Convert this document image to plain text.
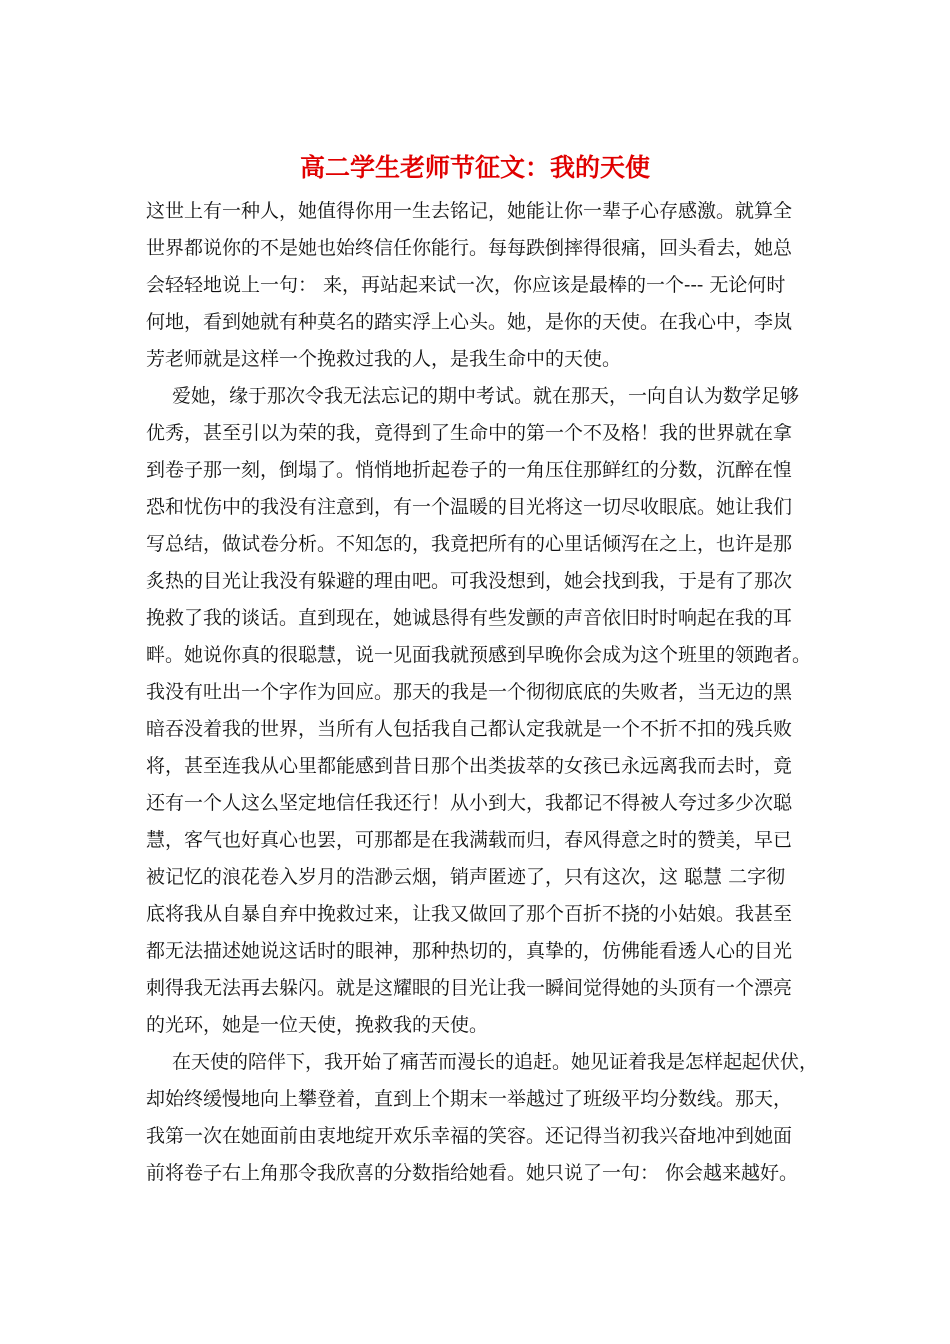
高二学生老师节征文：我的天使
这世上有一种人，她值得你用一生去铭记，她能让你一辈子心存感激。就算全
世界都说你的不是她也始终信任你能行。每每跌倒摔得很痛，回头看去，她总
会轻轻地说上一句： 来，再站起来试一次，你应该是最棒的一个--- 无论何时
何地，看到她就有种莫名的踏实浮上心头。她，是你的天使。在我心中，李岚
芳老师就是这样一个挽救过我的人，是我生命中的天使。
爱她，缘于那次令我无法忘记的期中考试。就在那天，一向自认为数学足够
优秀，甚至引以为荣的我，竟得到了生命中的第一个不及格！我的世界就在拿
到卷子那一刻，倒塌了。悄悄地折起卷子的一角压住那鲜红的分数，沉醉在惶
恐和忧伤中的我没有注意到，有一个温暖的目光将这一切尽收眼底。她让我们
写总结，做试卷分析。不知怎的，我竟把所有的心里话倾泻在之上，也许是那
炙热的目光让我没有躲避的理由吧。可我没想到，她会找到我，于是有了那次
挽救了我的谈话。直到现在，她诚恳得有些发颤的声音依旧时时响起在我的耳
畔。她说你真的很聪慧，说一见面我就预感到早晚你会成为这个班里的领跑者。
我没有吐出一个字作为回应。那天的我是一个彻彻底底的失败者，当无边的黑
暗吞没着我的世界，当所有人包括我自己都认定我就是一个不折不扣的残兵败
将，甚至连我从心里都能感到昔日那个出类拔萃的女孩已永远离我而去时，竟
还有一个人这么坚定地信任我还行！从小到大，我都记不得被人夸过多少次聪
慧，客气也好真心也罢，可那都是在我满载而归，春风得意之时的赞美，早已
被记忆的浪花卷入岁月的浩渺云烟，销声匿迹了，只有这次，这 聪慧 二字彻
底将我从自暴自弃中挽救过来，让我又做回了那个百折不挠的小姑娘。我甚至
都无法描述她说这话时的眼神，那种热切的，真挚的，仿佛能看透人心的目光
刺得我无法再去躲闪。就是这耀眼的目光让我一瞬间觉得她的头顶有一个漂亮
的光环，她是一位天使，挽救我的天使。
在天使的陪伴下，我开始了痛苦而漫长的追赶。她见证着我是怎样起起伏伏，
却始终缓慢地向上攀登着，直到上个期末一举越过了班级平均分数线。那天，
我第一次在她面前由衷地绽开欢乐幸福的笑容。还记得当初我兴奋地冲到她面
前将卷子右上角那令我欣喜的分数指给她看。她只说了一句： 你会越来越好。
